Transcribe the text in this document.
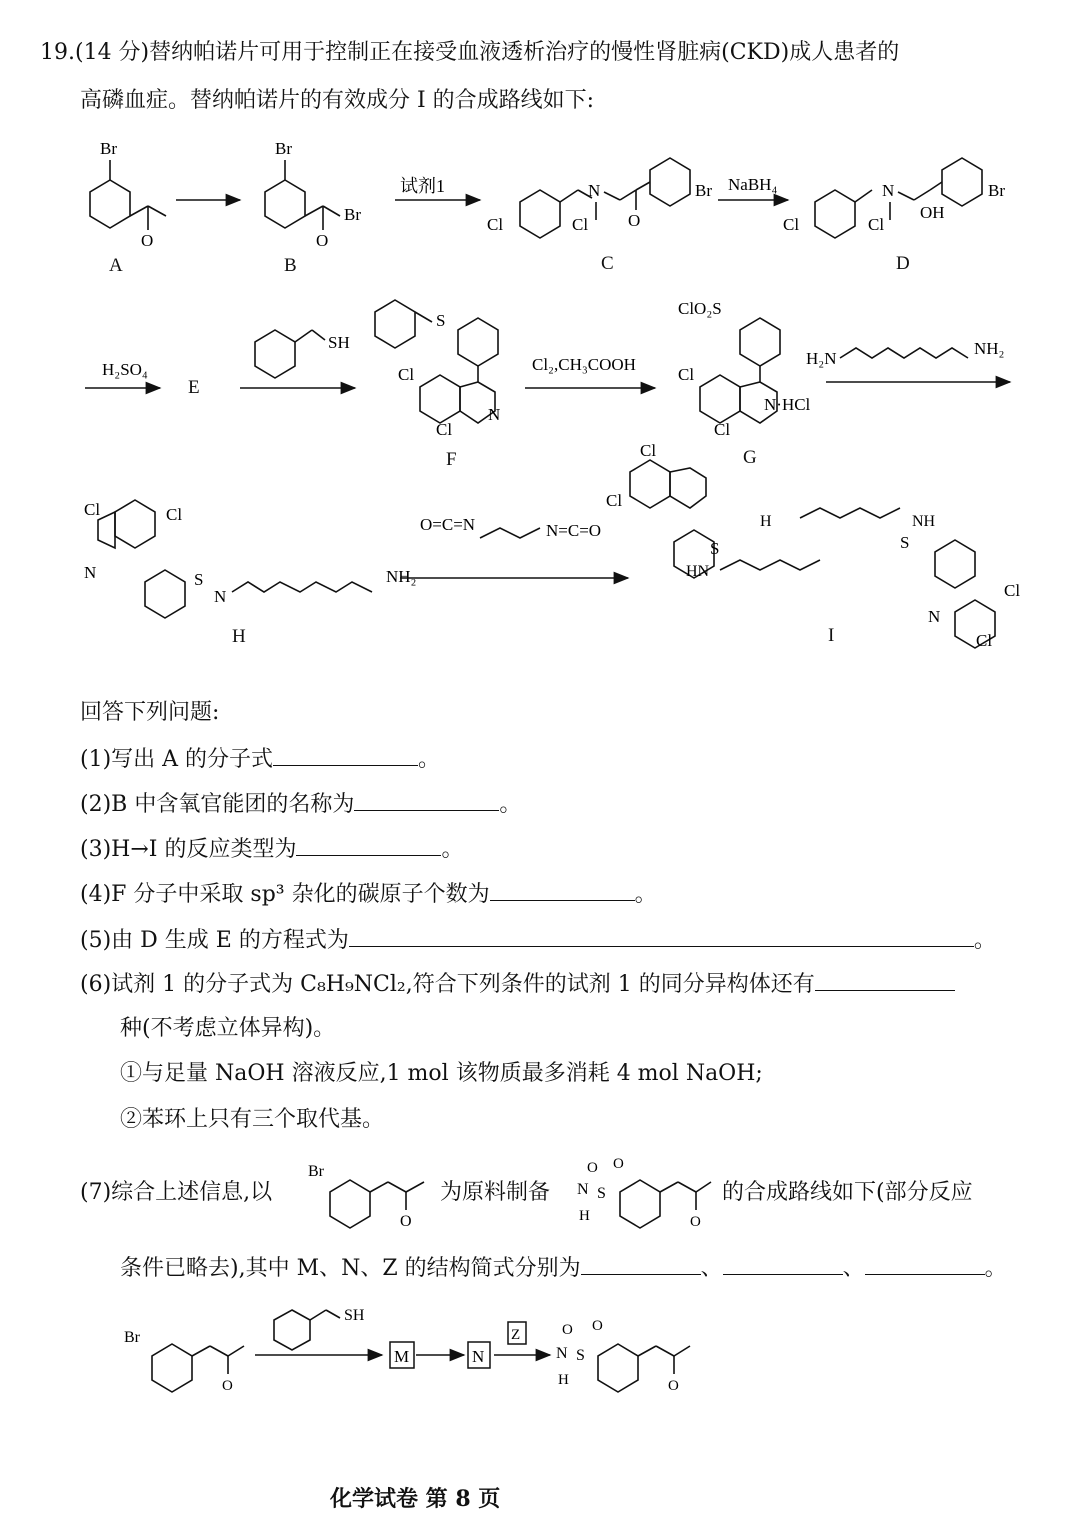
19.(14 分)替纳帕诺片可用于控制正在接受血液透析治疗的慢性肾脏病(CKD)成人患者的
高磷血症。替纳帕诺片的有效成分 I 的合成路线如下:
Br
O
Br
O
Br
试剂1
Cl	Cl
N
O
Br NaBH₄
Cl	Cl
N
OH
Br
H₂SO₄
SH
S
Cl
Cl
N
Cl₂,CH₃COOH
ClO₂S
Cl
Cl
N·HCl
H₂N
NH₂
Cl	Cl
N	S
N
NH₂
O=C=N	N=C=O
Cl
Cl
S
HN
H	NH
S
Cl
Cl
N
A	B	C	D
E
F	G
H	I
回答下列问题:
(1)写出 A 的分子式	。
(2)B 中含氧官能团的名称为	。
(3)H→I 的反应类型为	。
(4)F 分子中采取 sp³ 杂化的碳原子个数为	。
(5)由 D 生成 E 的方程式为	。
(6)试剂 1 的分子式为 C₈H₉NCl₂,符合下列条件的试剂 1 的同分异构体还有
种(不考虑立体异构)。
①与足量 NaOH 溶液反应,1 mol 该物质最多消耗 4 mol NaOH;
②苯环上只有三个取代基。
(7)综合上述信息,以
Br
O
为原料制备 N
H
S
O O
O
的合成路线如下(部分反应
条件已略去),其中 M、N、Z 的结构简式分别为	、	、	。
Br
O
SH
M	N
Z
N
H
S
O O
O
化学试卷 第 8 页
